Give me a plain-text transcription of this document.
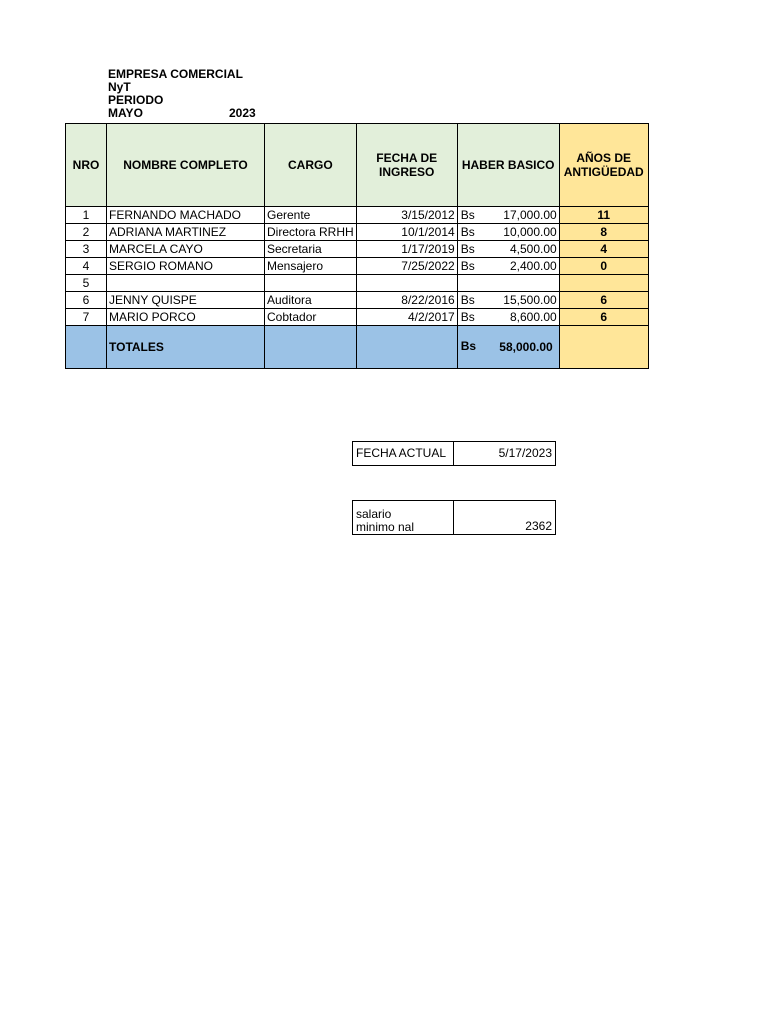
EMPRESA COMERCIAL
NyT
PERIODO
MAYO	2023
NRO	NOMBRE COMPLETO	CARGO	FECHA DE INGRESO	HABER BASICO	AÑOS DE ANTIGÜEDAD
1	FERNANDO MACHADO	Gerente	3/15/2012	Bs 17,000.00	11
2	ADRIANA MARTINEZ	Directora RRHH	10/1/2014	Bs 10,000.00	8
3	MARCELA CAYO	Secretaria	1/17/2019	Bs 4,500.00	4
4	SERGIO ROMANO	Mensajero	7/25/2022	Bs 2,400.00	0
5				

6	JENNY QUISPE	Auditora	8/22/2016	Bs 15,500.00	6
7	MARIO PORCO	Cobtador	4/2/2017	Bs 8,600.00	6
	TOTALES			Bs 58,000.00	
FECHA ACTUAL	5/17/2023
salario
minimo nal	2362
